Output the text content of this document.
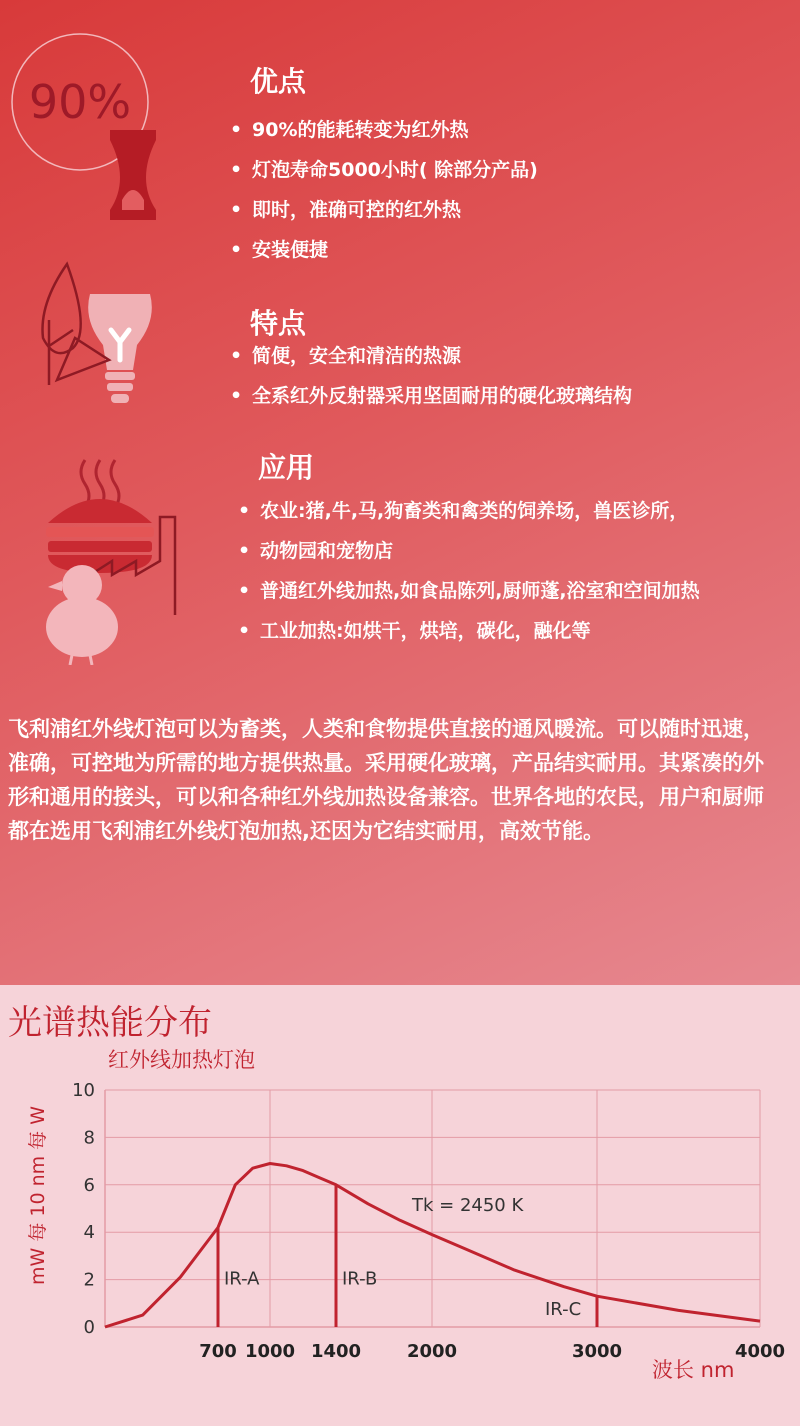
90%	优点
• 90%的能耗转变为红外热
• 灯泡寿命5000小时( 除部分产品)
• 即时，准确可控的红外热
• 安装便捷
特点
• 简便，安全和清洁的热源
• 全系红外反射器采用坚固耐用的硬化玻璃结构
应用
• 农业:猪,牛,马,狗畜类和禽类的饲养场，兽医诊所，
• 动物园和宠物店
• 普通红外线加热,如食品陈列,厨师蓬,浴室和空间加热
• 工业加热:如烘干，烘培，碳化，融化等
飞利浦红外线灯泡可以为畜类，人类和食物提供直接的通风暖流。可以随时迅速，准确，可控地为所需的地方提供热量。采用硬化玻璃，产品结实耐用。其紧凑的外形和通用的接头，可以和各种红外线加热设备兼容。世界各地的农民，用户和厨师都在选用飞利浦红外线灯泡加热,还因为它结实耐用，高效节能。
光谱热能分布
0
2
4
6
8
10
700 1000 1400	2000	3000	4000
IR-A	IR-B
IR-C
Tk = 2450 K
红外线加热灯泡
波长 nm
mW 每 10 nm 每 W
